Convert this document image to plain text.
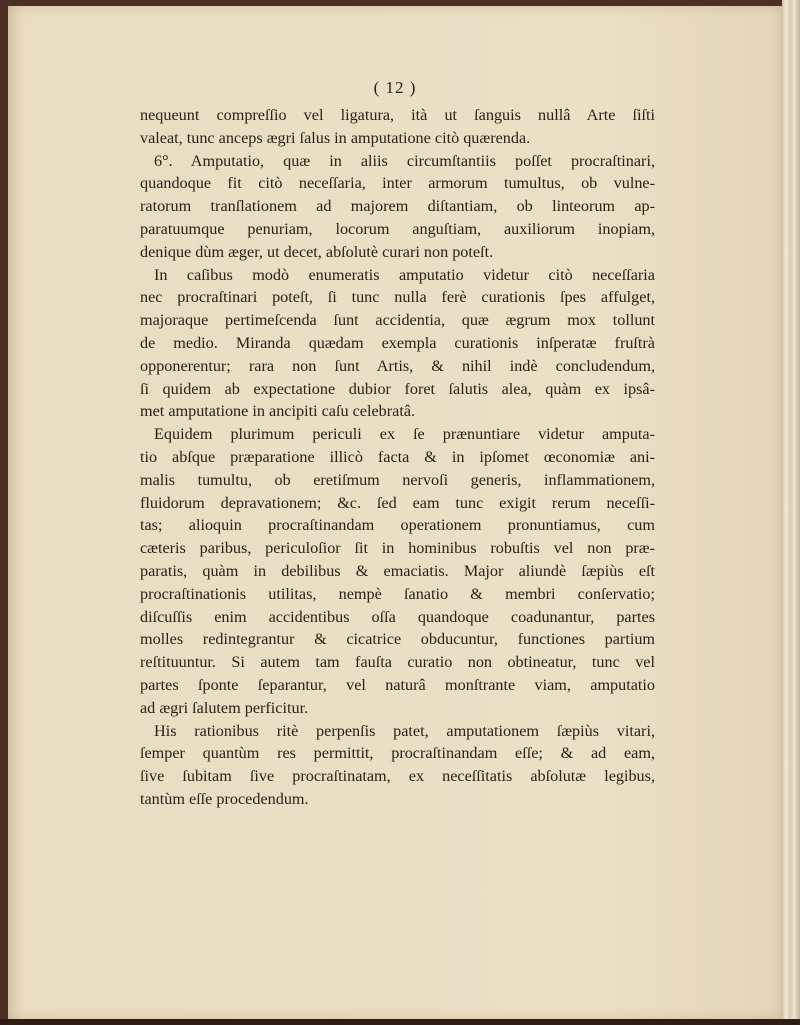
( 12 )
nequeunt compreſſio vel ligatura, ità ut ſanguis nullâ Arte ſiſti
valeat, tunc anceps ægri ſalus in amputatione citò quærenda.
6°. Amputatio, quæ in aliis circumſtantiis poſſet procraſtinari,
quandoque fit citò neceſſaria, inter armorum tumultus, ob vulne-
ratorum tranſlationem ad majorem diſtantiam, ob linteorum ap-
paratuumque penuriam, locorum anguſtiam, auxiliorum inopiam,
denique dùm æger, ut decet, abſolutè curari non poteſt.
In caſibus modò enumeratis amputatio videtur citò neceſſaria
nec procraſtinari poteſt, ſi tunc nulla ferè curationis ſpes affulget,
majoraque pertimeſcenda ſunt accidentia, quæ ægrum mox tollunt
de medio. Miranda quædam exempla curationis inſperatæ fruſtrà
opponerentur; rara non ſunt Artis, & nihil indè concludendum,
ſi quidem ab expectatione dubior foret ſalutis alea, quàm ex ipsâ-
met amputatione in ancipiti caſu celebratâ.
Equidem plurimum periculi ex ſe prænuntiare videtur amputa-
tio abſque præparatione illicò facta & in ipſomet œconomiæ ani-
malis tumultu, ob eretiſmum nervoſi generis, inflammationem,
fluidorum depravationem; &c. ſed eam tunc exigit rerum neceſſi-
tas; alioquin procraſtinandam operationem pronuntiamus, cum
cæteris paribus, periculoſior ſit in hominibus robuſtis vel non præ-
paratis, quàm in debilibus & emaciatis. Major aliundè ſæpiùs eſt
procraſtinationis utilitas, nempè ſanatio & membri conſervatio;
diſcuſſis enim accidentibus oſſa quandoque coadunantur, partes
molles redintegrantur & cicatrice obducuntur, functiones partium
reſtituuntur. Si autem tam fauſta curatio non obtineatur, tunc vel
partes ſponte ſeparantur, vel naturâ monſtrante viam, amputatio
ad ægri ſalutem perficitur.
His rationibus ritè perpenſis patet, amputationem ſæpiùs vitari,
ſemper quantùm res permittit, procraſtinandam eſſe; & ad eam,
ſive ſubitam ſive procraſtinatam, ex neceſſitatis abſolutæ legibus,
tantùm eſſe procedendum.
